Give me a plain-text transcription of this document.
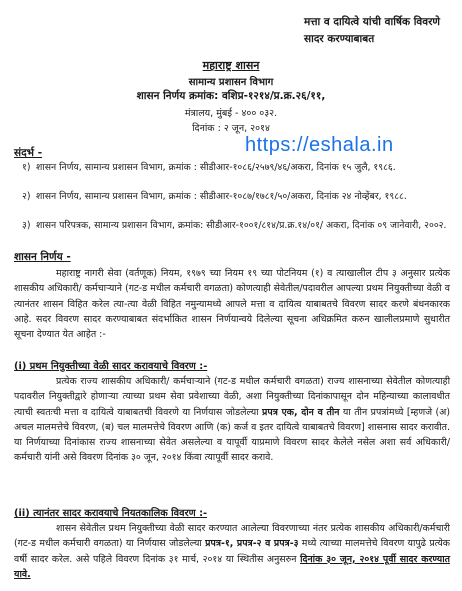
मत्ता व दायित्वे यांची वार्षिक विवरणे
सादर करण्याबाबत
महाराष्ट्र शासन
सामान्य प्रशासन विभाग
शासन निर्णय क्रमांक: वशिप्र-१२१४/प्र.क्र.२६/११,
मंत्रालय, मुंबई - ४०० ०३२.
दिनांक : २ जून, २०१४
https://eshala.in
संदर्भ -
१) शासन निर्णय, सामान्य प्रशासन विभाग, क्रमांक : सीडीआर-१०८६/२५७९/४६/अकरा, दिनांक १५ जुलै, १९८६.
२) शासन निर्णय, सामान्य प्रशासन विभाग, क्रमांक : सीडीआर-१०८७/१७८१/५०/अकरा, दिनांक २४ नोव्हेंबर, १९८८.
३) शासन परिपत्रक, सामान्य प्रशासन विभाग, क्रमांक: सीडीआर-१००१/८१४/प्र.क्र.१४/०१/ अकरा, दिनांक ०९ जानेवारी, २००२.
शासन निर्णय -
महाराष्ट्र नागरी सेवा (वर्तणूक) नियम, १९७९ च्या नियम १९ च्या पोटनियम (१) व त्याखालील टीप ३ अनुसार प्रत्येक शासकीय अधिकारी/ कर्मचाऱ्याने (गट-ड मधील कर्मचारी वगळता) कोणत्याही सेवेतील/पदावरील आपल्या प्रथम नियुक्तीच्या वेळी व त्यानंतर शासन विहित करेल त्या-त्या वेळी विहित नमुन्यामध्ये आपले मत्ता व दायित्व याबाबतचे विवरण सादर करणे बंधनकारक आहे. सदर विवरण सादर करण्याबाबत संदर्भाकित शासन निर्णयान्वये दिलेल्या सूचना अधिक्रमित करुन खालीलप्रमाणे सुधारीत सूचना देण्यात येत आहेत :-
(i) प्रथम नियुक्तीच्या वेळी सादर करावयाचे विवरण :-
प्रत्येक राज्य शासकीय अधिकारी/ कर्मचाऱ्याने (गट-ड मधील कर्मचारी वगळता) राज्य शासनाच्या सेवेतील कोणत्याही पदावरील नियुक्तीद्वारे होणाऱ्या त्याच्या प्रथम सेवा प्रवेशाच्या वेळी, अशा नियुक्तीच्या दिनांकापासून दोन महिन्याच्या कालावधीत त्याची स्वतःची मत्ता व दायित्वे याबाबतची विवरणे या निर्णयास जोडलेल्या प्रपत्र एक, दोन व तीन या तीन प्रपत्रांमध्ये [म्हणजे (अ) अचल मालमत्तेचे विवरण, (ब) चल मालमत्तेचे विवरण आणि (क) कर्ज व इतर दायित्वे याबाबतचे विवरण] शासनास सादर करावीत. या निर्णयाच्या दिनांकास राज्य शासनाच्या सेवेत असलेल्या व यापूर्वी याप्रमाणे विवरण सादर केलेले नसेल अशा सर्व अधिकारी/कर्मचारी यांनी असे विवरण दिनांक ३० जून, २०१४ किंवा त्यापूर्वी सादर करावे.
(ii) त्यानंतर सादर करावयाचे नियतकालिक विवरण :-
शासन सेवेतील प्रथम नियुक्तीच्या वेळी सादर करण्यात आलेल्या विवरणाच्या नंतर प्रत्येक शासकीय अधिकारी/कर्मचारी (गट-ड मधील कर्मचारी वगळता) या निर्णयास जोडलेल्या प्रपत्र-१, प्रपत्र-२ व प्रपत्र-३ मध्ये त्याच्या मालमत्तेचे विवरण यापुढे प्रत्येक वर्षी सादर करेल. असे पहिले विवरण दिनांक ३१ मार्च, २०१४ या स्थितीस अनुसरुन दिनांक ३० जून, २०१४ पूर्वी सादर करण्यात यावे.
